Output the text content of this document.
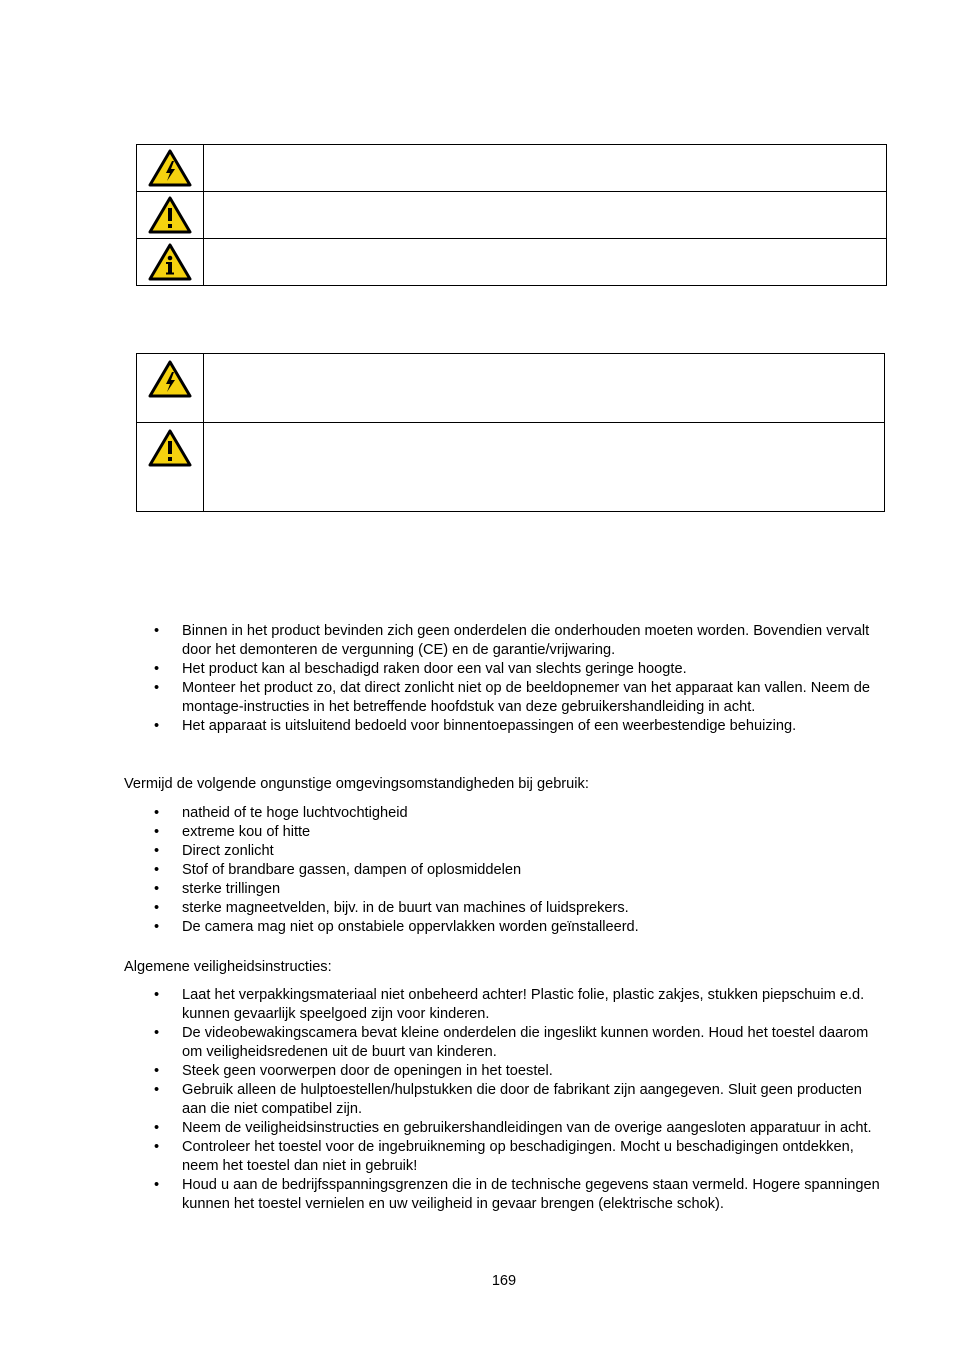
• Binnen in het product bevinden zich geen onderdelen die onderhouden moeten worden. Bovendien vervalt door het demonteren de vergunning (CE) en de garantie/vrijwaring.
• Het product kan al beschadigd raken door een val van slechts geringe hoogte.
• Monteer het product zo, dat direct zonlicht niet op de beeldopnemer van het apparaat kan vallen. Neem de montage-instructies in het betreffende hoofdstuk van deze gebruikershandleiding in acht.
• Het apparaat is uitsluitend bedoeld voor binnentoepassingen of een weerbestendige behuizing.
Vermijd de volgende ongunstige omgevingsomstandigheden bij gebruik:
• natheid of te hoge luchtvochtigheid
• extreme kou of hitte
• Direct zonlicht
• Stof of brandbare gassen, dampen of oplosmiddelen
• sterke trillingen
• sterke magneetvelden, bijv. in de buurt van machines of luidsprekers.
• De camera mag niet op onstabiele oppervlakken worden geïnstalleerd.
Algemene veiligheidsinstructies:
• Laat het verpakkingsmateriaal niet onbeheerd achter! Plastic folie, plastic zakjes, stukken piepschuim e.d. kunnen gevaarlijk speelgoed zijn voor kinderen.
• De videobewakingscamera bevat kleine onderdelen die ingeslikt kunnen worden. Houd het toestel daarom om veiligheidsredenen uit de buurt van kinderen.
• Steek geen voorwerpen door de openingen in het toestel.
• Gebruik alleen de hulptoestellen/hulpstukken die door de fabrikant zijn aangegeven. Sluit geen producten aan die niet compatibel zijn.
• Neem de veiligheidsinstructies en gebruikershandleidingen van de overige aangesloten apparatuur in acht.
• Controleer het toestel voor de ingebruikneming op beschadigingen. Mocht u beschadigingen ontdekken, neem het toestel dan niet in gebruik!
• Houd u aan de bedrijfsspanningsgrenzen die in de technische gegevens staan vermeld. Hogere spanningen kunnen het toestel vernielen en uw veiligheid in gevaar brengen (elektrische schok).
169
